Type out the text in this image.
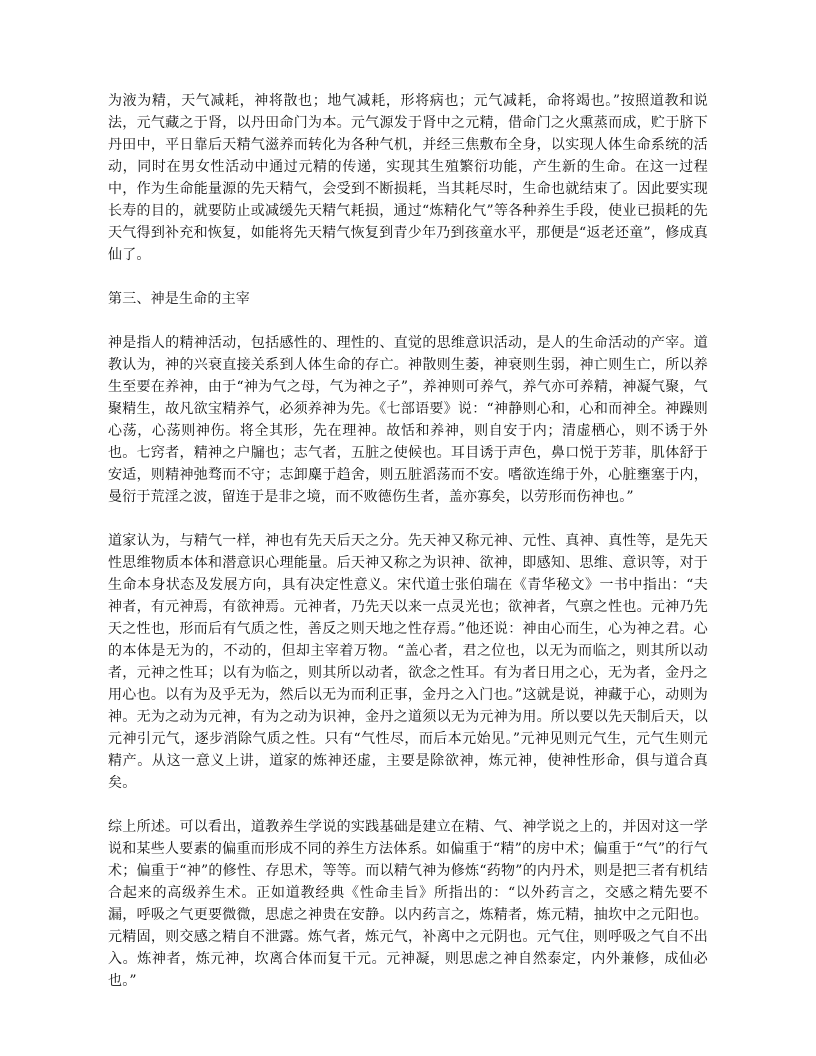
为液为精，天气减耗，神将散也；地气减耗，形将病也；元气减耗，命将竭也。”按照道教和说法，元气藏之于肾，以丹田命门为本。元气源发于肾中之元精，借命门之火熏蒸而成，贮于脐下丹田中，平日靠后天精气滋养而转化为各种气机，并经三焦敷布全身，以实现人体生命系统的活动，同时在男女性活动中通过元精的传递，实现其生殖繁衍功能，产生新的生命。在这一过程中，作为生命能量源的先天精气，会受到不断损耗，当其耗尽时，生命也就结束了。因此要实现长寿的目的，就要防止或减缓先天精气耗损，通过“炼精化气”等各种养生手段，使业已损耗的先天气得到补充和恢复，如能将先天精气恢复到青少年乃到孩童水平，那便是“返老还童”，修成真仙了。

第三、神是生命的主宰

神是指人的精神活动，包括感性的、理性的、直觉的思维意识活动，是人的生命活动的产宰。道教认为，神的兴衰直接关系到人体生命的存亡。神散则生萎，神衰则生弱，神亡则生亡，所以养生至要在养神，由于“神为气之母，气为神之子”，养神则可养气，养气亦可养精，神凝气聚，气聚精生，故凡欲宝精养气，必须养神为先。《七部语要》说：“神静则心和，心和而神全。神躁则心荡，心荡则神伤。将全其形，先在理神。故恬和养神，则自安于内；清虚栖心，则不诱于外也。七窍者，精神之户牖也；志气者，五脏之使候也。耳目诱于声色，鼻口悦于芳菲，肌体舒于安适，则精神弛骛而不守；志卸麋于趋舍，则五脏滔荡而不安。嗜欲连绵于外，心脏壅塞于内，曼衍于荒淫之波，留连于是非之境，而不败德伤生者，盖亦寡矣，以劳形而伤神也。”

道家认为，与精气一样，神也有先天后天之分。先天神又称元神、元性、真神、真性等，是先天性思维物质本体和潜意识心理能量。后天神又称之为识神、欲神，即感知、思维、意识等，对于生命本身状态及发展方向，具有决定性意义。宋代道士张伯瑞在《青华秘文》一书中指出：“夫神者，有元神焉，有欲神焉。元神者，乃先天以来一点灵光也；欲神者，气禀之性也。元神乃先天之性也，形而后有气质之性，善反之则天地之性存焉。”他还说：神由心而生，心为神之君。心的本体是无为的，不动的，但却主宰着万物。“盖心者，君之位也，以无为而临之，则其所以动者，元神之性耳；以有为临之，则其所以动者，欲念之性耳。有为者日用之心，无为者，金丹之用心也。以有为及乎无为，然后以无为而利正事，金丹之入门也。”这就是说，神藏于心，动则为神。无为之动为元神，有为之动为识神，金丹之道须以无为元神为用。所以要以先天制后天，以元神引元气，逐步消除气质之性。只有“气性尽，而后本元始见。”元神见则元气生，元气生则元精产。从这一意义上讲，道家的炼神还虚，主要是除欲神，炼元神，使神性形命，俱与道合真矣。

综上所述。可以看出，道教养生学说的实践基础是建立在精、气、神学说之上的，并因对这一学说和某些人要素的偏重而形成不同的养生方法体系。如偏重于“精”的房中术；偏重于“气”的行气术；偏重于“神”的修性、存思术，等等。而以精气神为修炼“药物”的内丹术，则是把三者有机结合起来的高级养生术。正如道教经典《性命圭旨》所指出的：“以外药言之，交感之精先要不漏，呼吸之气更要微微，思虑之神贵在安静。以内药言之，炼精者，炼元精，抽坎中之元阳也。元精固，则交感之精自不泄露。炼气者，炼元气，补离中之元阴也。元气住，则呼吸之气自不出入。炼神者，炼元神，坎离合体而复干元。元神凝，则思虑之神自然泰定，内外兼修，成仙必也。”
